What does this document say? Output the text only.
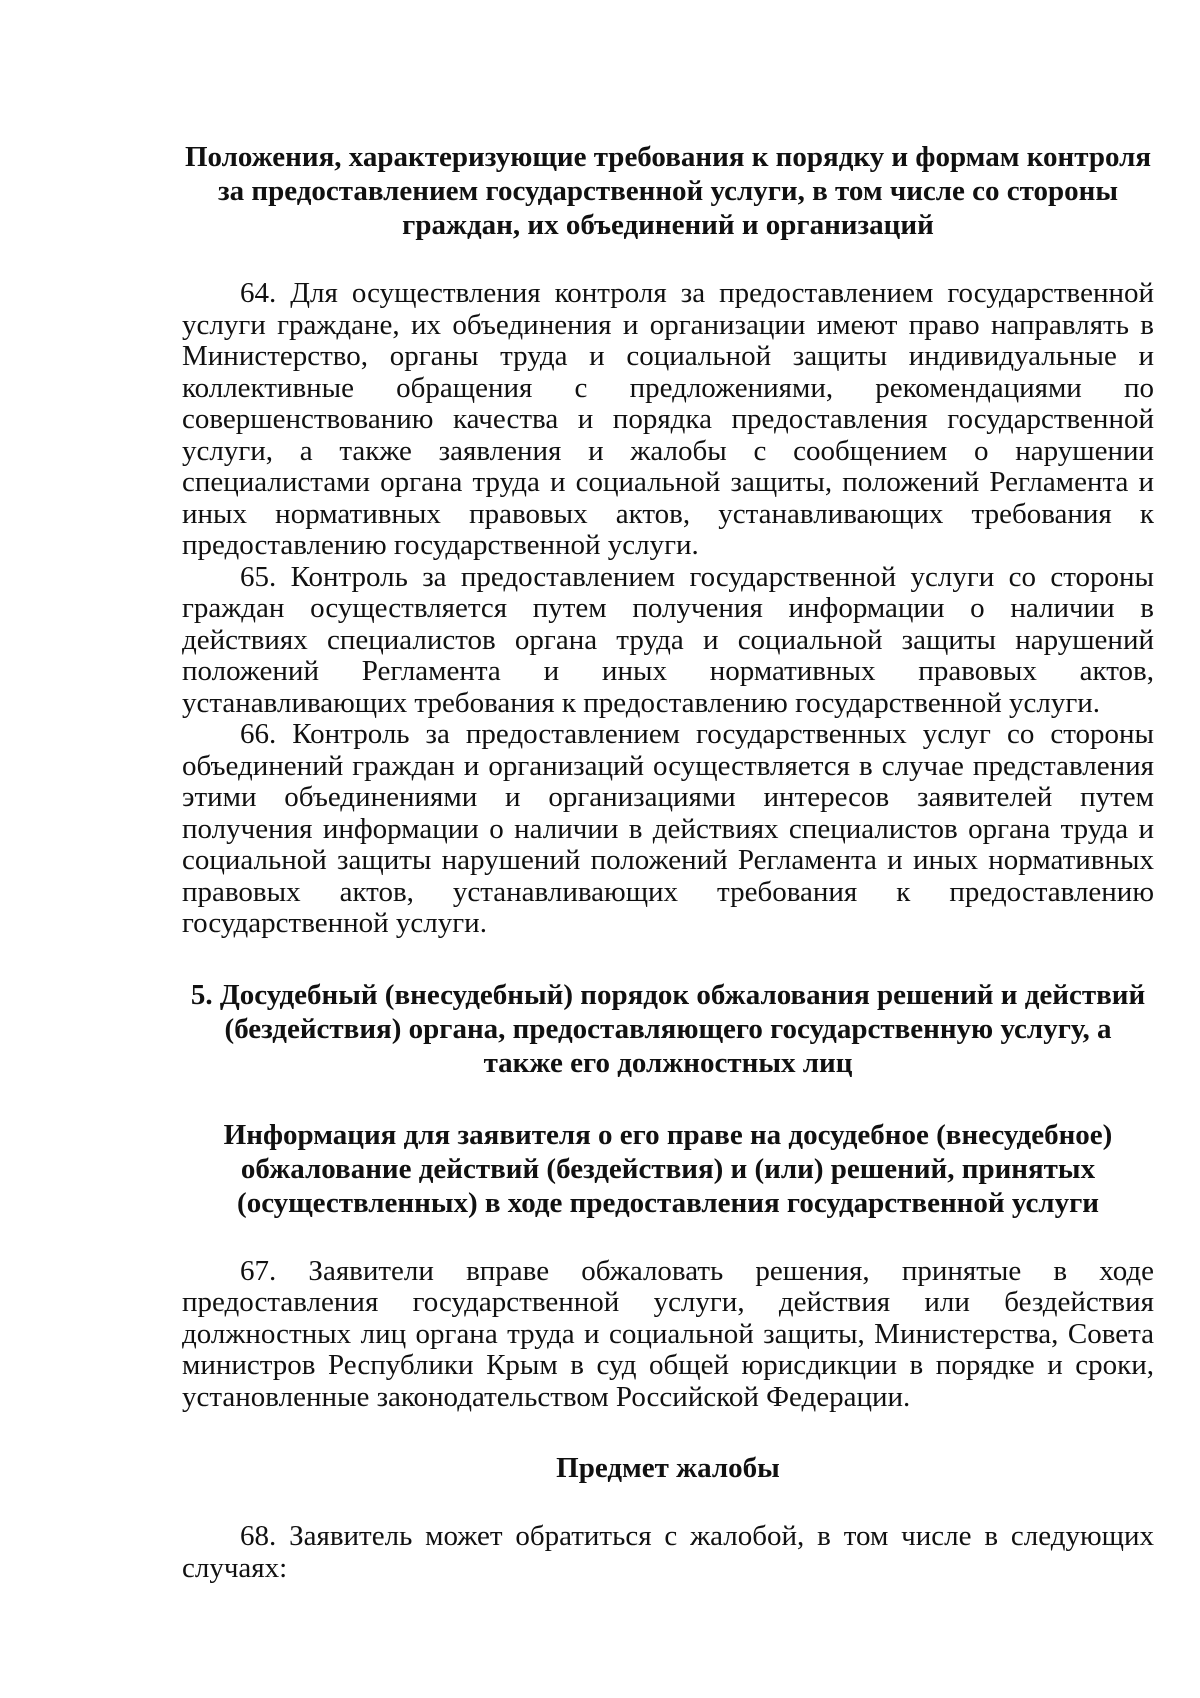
Положения, характеризующие требования к порядку и формам контроля за предоставлением государственной услуги, в том числе со стороны граждан, их объединений и организаций

64. Для осуществления контроля за предоставлением государственной услуги граждане, их объединения и организации имеют право направлять в Министерство, органы труда и социальной защиты индивидуальные и коллективные обращения с предложениями, рекомендациями по совершенствованию качества и порядка предоставления государственной услуги, а также заявления и жалобы с сообщением о нарушении специалистами органа труда и социальной защиты, положений Регламента и иных нормативных правовых актов, устанавливающих требования к предоставлению государственной услуги.

65. Контроль за предоставлением государственной услуги со стороны граждан осуществляется путем получения информации о наличии в действиях специалистов органа труда и социальной защиты нарушений положений Регламента и иных нормативных правовых актов, устанавливающих требования к предоставлению государственной услуги.

66. Контроль за предоставлением государственных услуг со стороны объединений граждан и организаций осуществляется в случае представления этими объединениями и организациями интересов заявителей путем получения информации о наличии в действиях специалистов органа труда и социальной защиты нарушений положений Регламента и иных нормативных правовых актов, устанавливающих требования к предоставлению государственной услуги.

5. Досудебный (внесудебный) порядок обжалования решений и действий (бездействия) органа, предоставляющего государственную услугу, а также его должностных лиц
Информация для заявителя о его праве на досудебное (внесудебное) обжалование действий (бездействия) и (или) решений, принятых (осуществленных) в ходе предоставления государственной услуги

67. Заявители вправе обжаловать решения, принятые в ходе предоставления государственной услуги, действия или бездействия должностных лиц органа труда и социальной защиты, Министерства, Совета министров Республики Крым в суд общей юрисдикции в порядке и сроки, установленные законодательством Российской Федерации.

Предмет жалобы

68. Заявитель может обратиться с жалобой, в том числе в следующих случаях:
